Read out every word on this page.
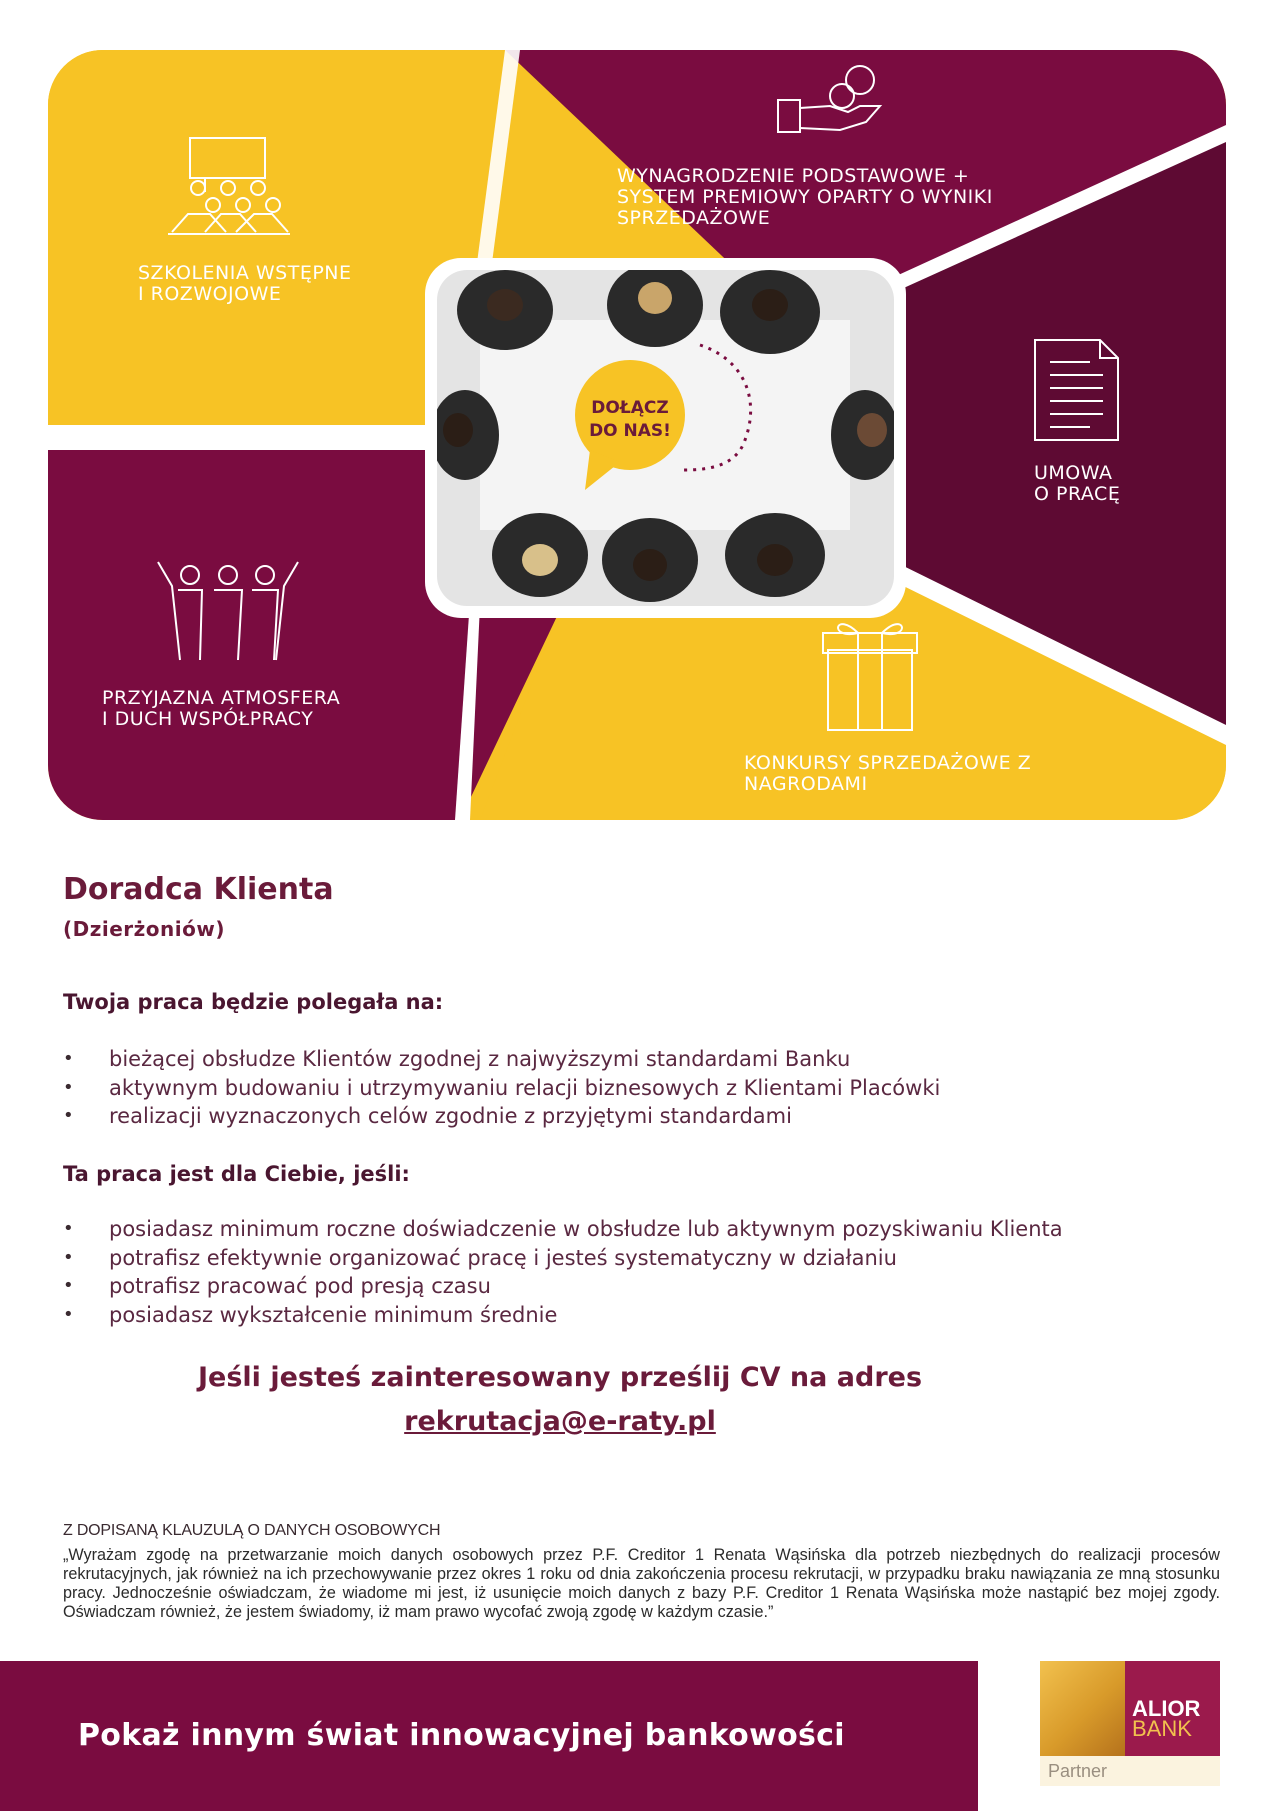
DOŁĄCZ
DO NAS!
SZKOLENIA WSTĘPNE
I ROZWOJOWE
WYNAGRODZENIE PODSTAWOWE +
SYSTEM PREMIOWY OPARTY O WYNIKI
SPRZEDAŻOWE
UMOWA
O PRACĘ
PRZYJAZNA ATMOSFERA
I DUCH WSPÓŁPRACY
KONKURSY SPRZEDAŻOWE Z
NAGRODAMI
Doradca Klienta
(Dzierżoniów)
Twoja praca będzie polegała na:
• bieżącej obsłudze Klientów zgodnej z najwyższymi standardami Banku
• aktywnym budowaniu i utrzymywaniu relacji biznesowych z Klientami Placówki
• realizacji wyznaczonych celów zgodnie z przyjętymi standardami
Ta praca jest dla Ciebie, jeśli:
• posiadasz minimum roczne doświadczenie w obsłudze lub aktywnym pozyskiwaniu Klienta
• potrafisz efektywnie organizować pracę i jesteś systematyczny w działaniu
• potrafisz pracować pod presją czasu
• posiadasz wykształcenie minimum średnie
Jeśli jesteś zainteresowany prześlij CV na adres
rekrutacja@e-raty.pl
Z DOPISANĄ KLAUZULĄ O DANYCH OSOBOWYCH

„Wyrażam zgodę na przetwarzanie moich danych osobowych przez P.F. Creditor 1 Renata Wąsińska dla potrzeb niezbędnych do realizacji procesów rekrutacyjnych, jak również na ich przechowywanie przez okres 1 roku od dnia zakończenia procesu rekrutacji, w przypadku braku nawiązania ze mną stosunku pracy. Jednocześnie oświadczam, że wiadome mi jest, iż usunięcie moich danych z bazy P.F. Creditor 1 Renata Wąsińska może nastąpić bez mojej zgody. Oświadczam również, że jestem świadomy, iż mam prawo wycofać zwoją zgodę w każdym czasie.”

Pokaż innym świat innowacyjnej bankowości
ALIOR
BANK
Partner
